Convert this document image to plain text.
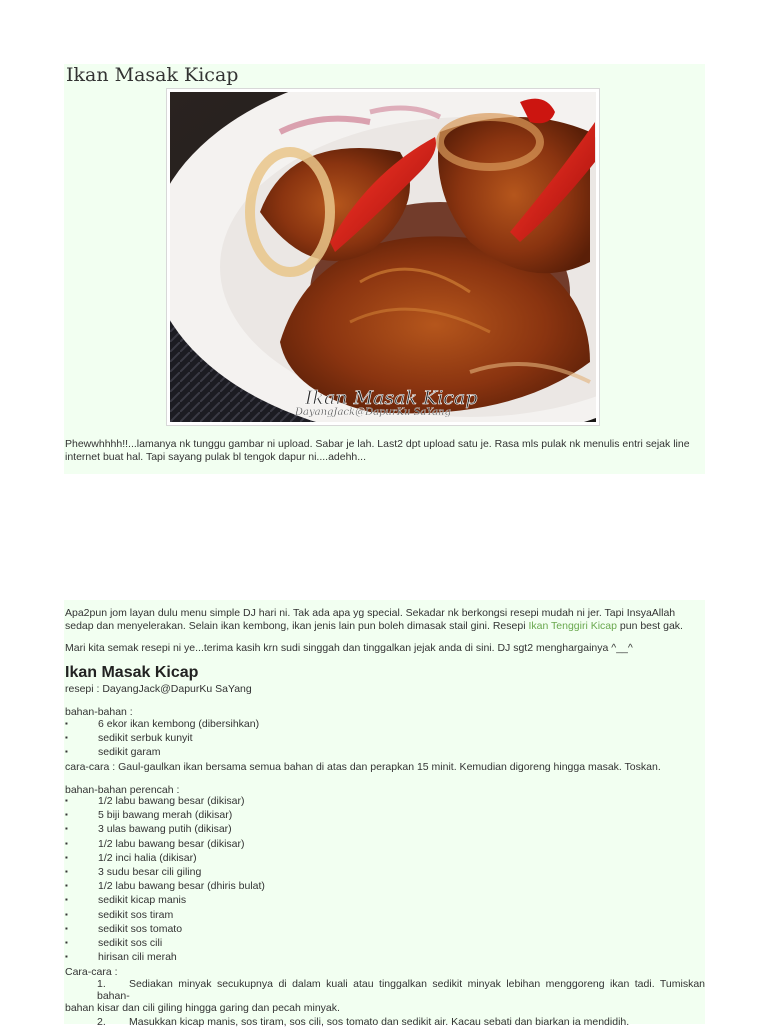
Ikan Masak Kicap
Ikan Masak Kicap
DayangJack@DapurKu SaYang

Phewwhhhh!!...lamanya nk tunggu gambar ni upload. Sabar je lah. Last2 dpt upload satu je. Rasa mls pulak nk menulis entri sejak line internet buat hal. Tapi sayang pulak bl tengok dapur ni....adehh...

Apa2pun jom layan dulu menu simple DJ hari ni. Tak ada apa yg special. Sekadar nk berkongsi resepi mudah ni jer. Tapi InsyaAllah sedap dan menyelerakan. Selain ikan kembong, ikan jenis lain pun boleh dimasak stail gini. Resepi Ikan Tenggiri Kicap pun best gak.

Mari kita semak resepi ni ye...terima kasih krn sudi singgah dan tinggalkan jejak anda di sini. DJ sgt2 menghargainya ^__^

Ikan Masak Kicap

resepi : DayangJack@DapurKu SaYang

bahan-bahan :

▪ 6 ekor ikan kembong (dibersihkan)
▪ sedikit serbuk kunyit
▪ sedikit garam

cara-cara : Gaul-gaulkan ikan bersama semua bahan di atas dan perapkan 15 minit. Kemudian digoreng hingga masak. Toskan.

bahan-bahan perencah :

▪ 1/2 labu bawang besar (dikisar)
▪ 5 biji bawang merah (dikisar)
▪ 3 ulas bawang putih (dikisar)
▪ 1/2 labu bawang besar (dikisar)
▪ 1/2 inci halia (dikisar)
▪ 3 sudu besar cili giling
▪ 1/2 labu bawang besar (dhiris bulat)
▪ sedikit kicap manis
▪ sedikit sos tiram
▪ sedikit sos tomato
▪ sedikit sos cili
▪ hirisan cili merah

Cara-cara :

1. Sediakan minyak secukupnya di dalam kuali atau tinggalkan sedikit minyak lebihan menggoreng ikan tadi. Tumiskan bahan-
bahan kisar dan cili giling hingga garing dan pecah minyak.
2. Masukkan kicap manis, sos tiram, sos cili, sos tomato dan sedikit air. Kacau sebati dan biarkan ia mendidih.
